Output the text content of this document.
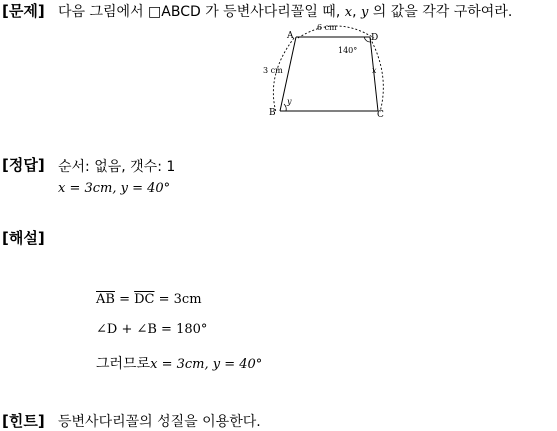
[문제] 다음 그림에서 □ABCD 가 등변사다리꼴일 때, x, y 의 값을 각각 구하여라.
A	D
B	C
6 cm
3 cm
140°
x
y
[정답] 순서: 없음, 갯수: 1
x = 3cm, y = 40°
[해설]
$\overline{AB} = \overline{DC} = 3cm$
∠D + ∠B = 180°
그러므로x = 3cm, y = 40°
[힌트] 등변사다리꼴의 성질을 이용한다.
